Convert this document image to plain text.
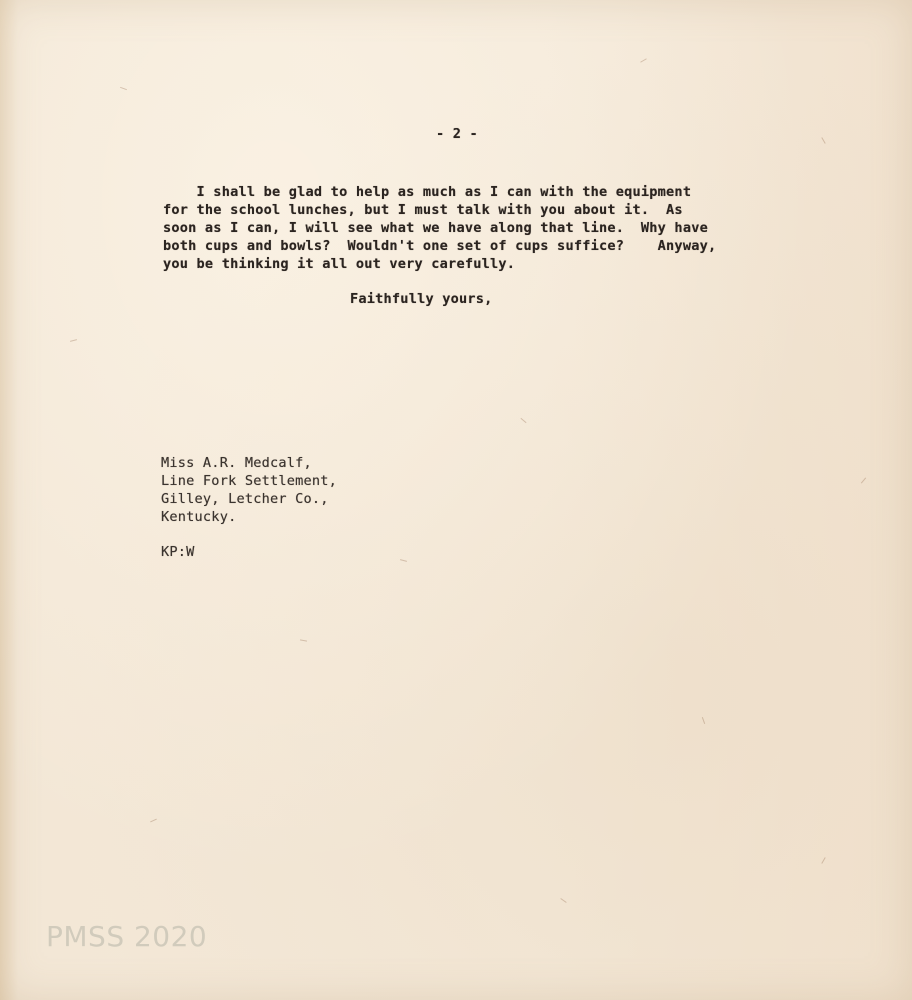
- 2 -
I shall be glad to help as much as I can with the equipment
for the school lunches, but I must talk with you about it.  As
soon as I can, I will see what we have along that line.  Why have
both cups and bowls?  Wouldn't one set of cups suffice?    Anyway,
you be thinking it all out very carefully.
Faithfully yours,
Miss A.R. Medcalf,
Line Fork Settlement,
Gilley, Letcher Co.,
Kentucky.
KP:W
PMSS 2020
